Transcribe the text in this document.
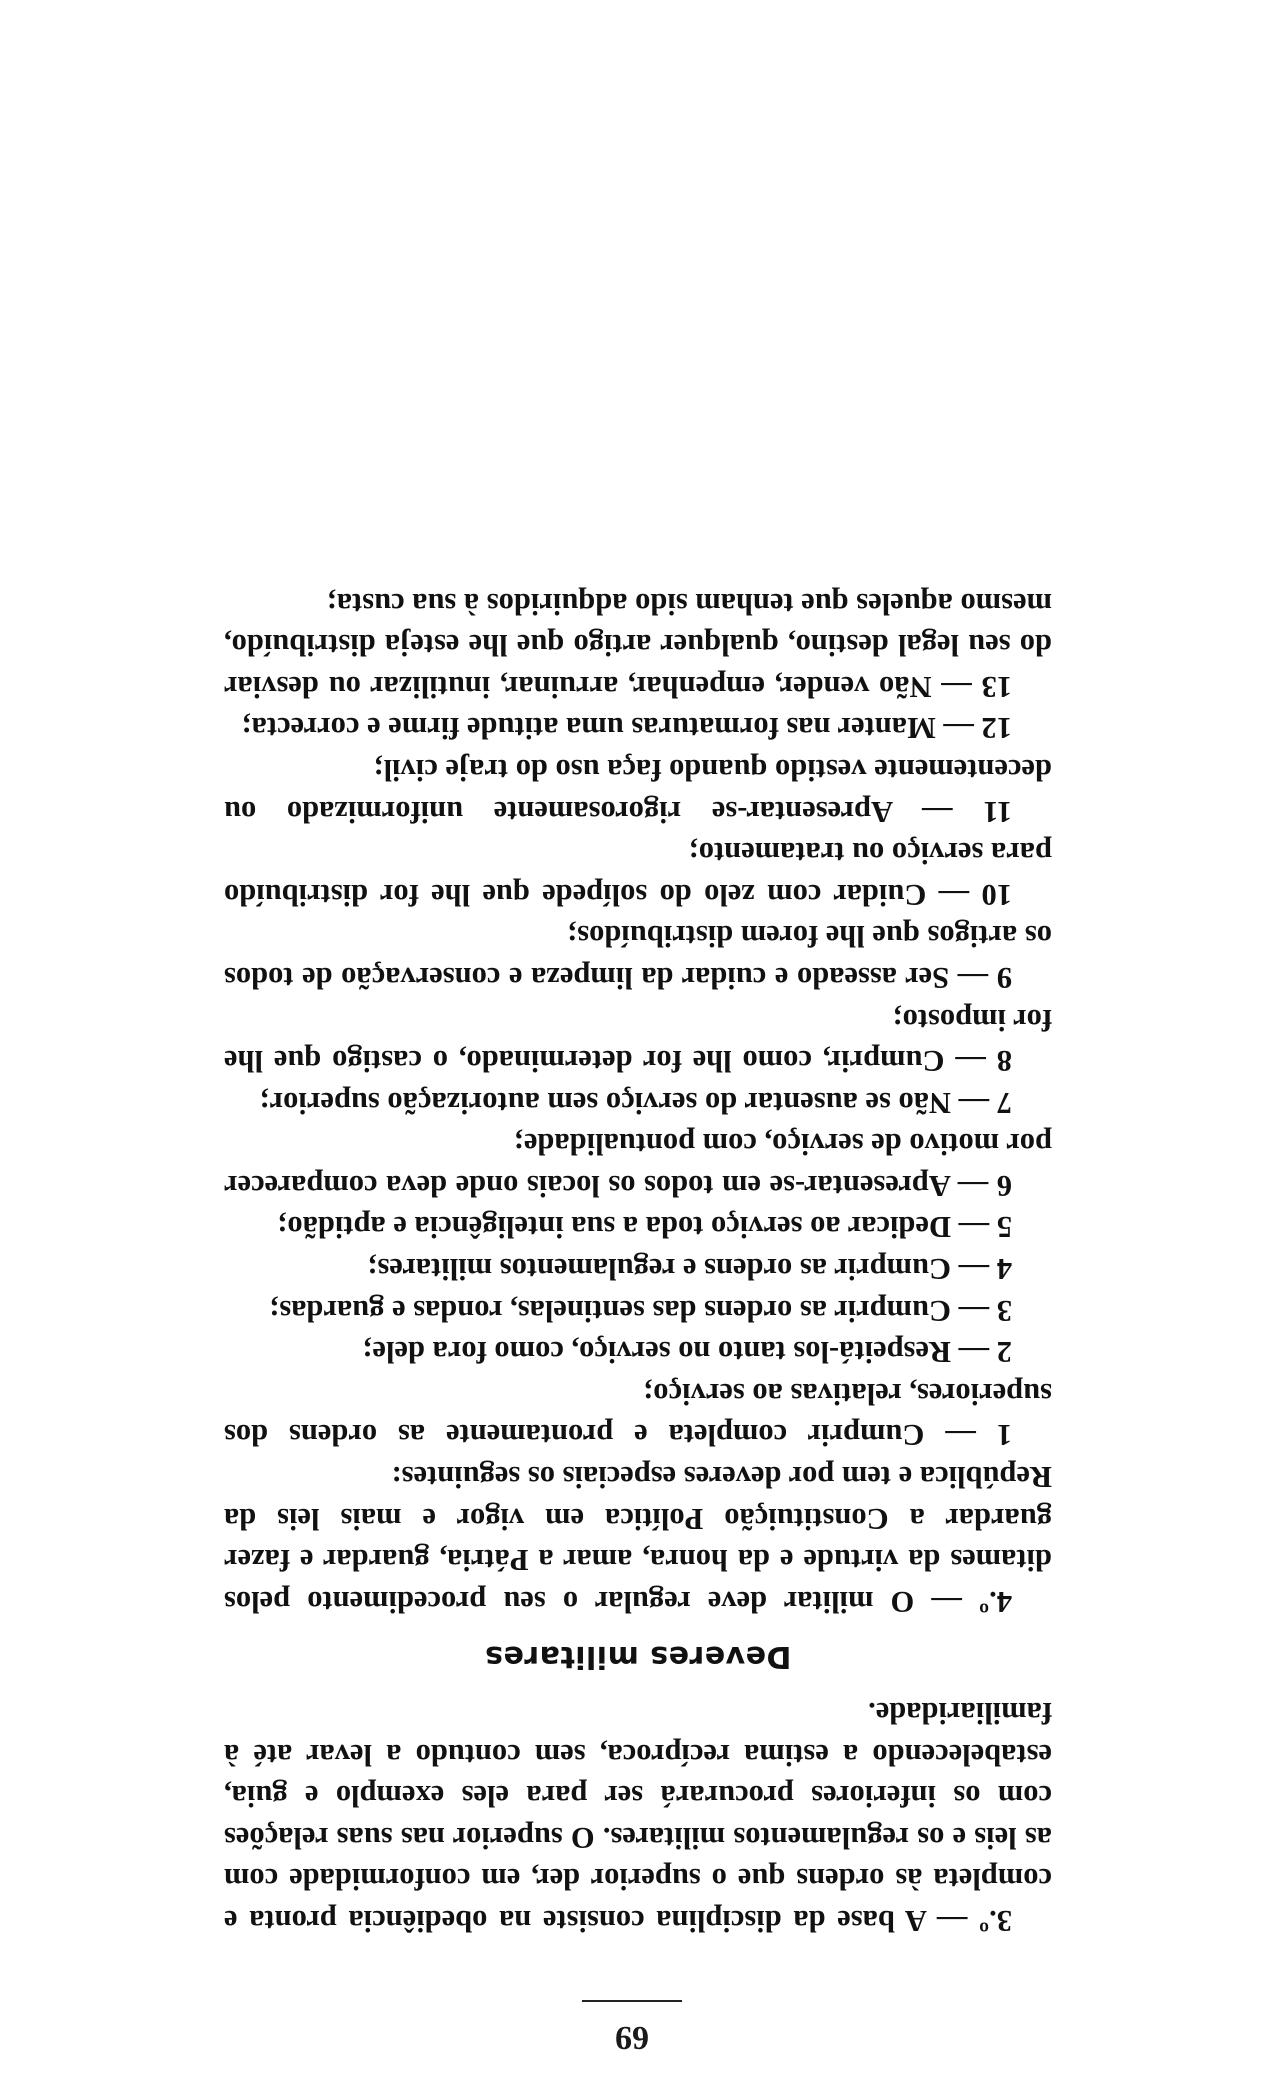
69

3.º — A base da disciplina consiste na obediência pronta e completa às ordens que o superior der, em conformidade com as leis e os regulamentos militares. O superior nas suas relações com os inferiores procurará ser para eles exemplo e guia, estabelecendo a estima recíproca, sem contudo a levar até à familiaridade.

Deveres militares

4.º — O militar deve regular o seu procedimento pelos ditames da virtude e da honra, amar a Pátria, guardar e fazer guardar a Constituição Política em vigor e mais leis da República e tem por deveres especiais os seguintes:

1 — Cumprir completa e prontamente as ordens dos superiores, relativas ao serviço;

2 — Respeitá-los tanto no serviço, como fora dele;

3 — Cumprir as ordens das sentinelas, rondas e guardas;

4 — Cumprir as ordens e regulamentos militares;

5 — Dedicar ao serviço toda a sua inteligência e aptidão;

6 — Apresentar-se em todos os locais onde deva comparecer por motivo de serviço, com pontualidade;

7 — Não se ausentar do serviço sem autorização superior;

8 — Cumprir, como lhe for determinado, o castigo que lhe for imposto;

9 — Ser asseado e cuidar da limpeza e conservação de todos os artigos que lhe forem distribuídos;

10 — Cuidar com zelo do solípede que lhe for distribuído para serviço ou tratamento;

11 — Apresentar-se rigorosamente uniformizado ou decentemente vestido quando faça uso do traje civil;

12 — Manter nas formaturas uma atitude firme e correcta;

13 — Não vender, empenhar, arruinar, inutilizar ou desviar do seu legal destino, qualquer artigo que lhe esteja distribuído, mesmo aqueles que tenham sido adquiridos à sua custa;
